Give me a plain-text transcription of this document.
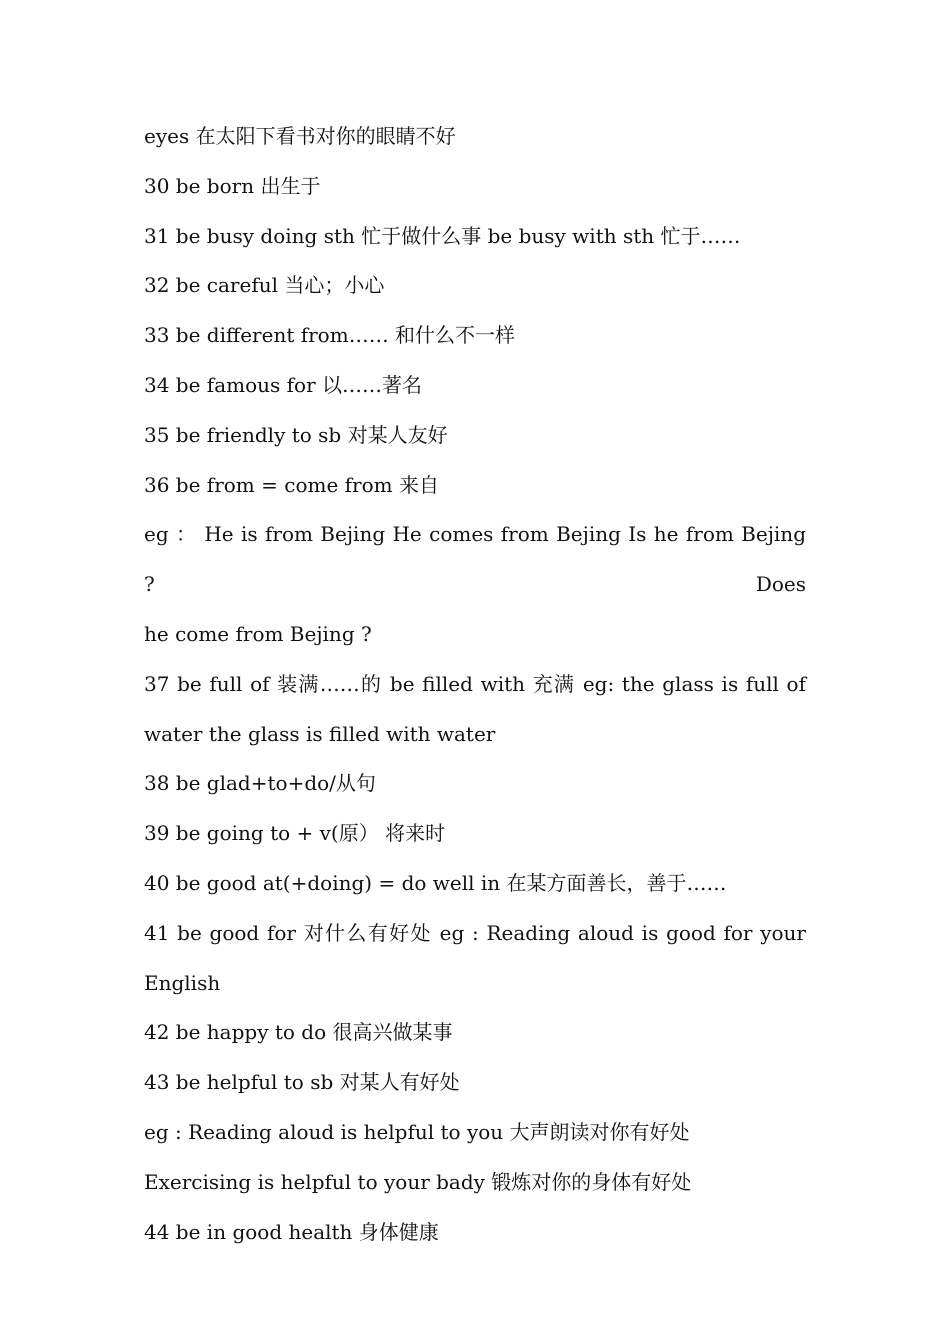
eyes 在太阳下看书对你的眼睛不好

30 be born 出生于

31 be busy doing sth 忙于做什么事 be busy with sth 忙于……

32 be careful 当心；小心

33 be different from…… 和什么不一样

34 be famous for 以……著名

35 be friendly to sb 对某人友好

36 be from = come from 来自

eg ： He is from Bejing He comes from Bejing Is he from Bejing ? Does

he come from Bejing ?

37 be full of 装满……的 be filled with 充满 eg: the glass is full of

water the glass is filled with water

38 be glad+to+do/从句

39 be going to + v(原） 将来时

40 be good at(+doing) = do well in 在某方面善长，善于……

41 be good for 对什么有好处 eg : Reading aloud is good for your

English

42 be happy to do 很高兴做某事

43 be helpful to sb 对某人有好处

eg : Reading aloud is helpful to you 大声朗读对你有好处

Exercising is helpful to your bady 锻炼对你的身体有好处

44 be in good health 身体健康
